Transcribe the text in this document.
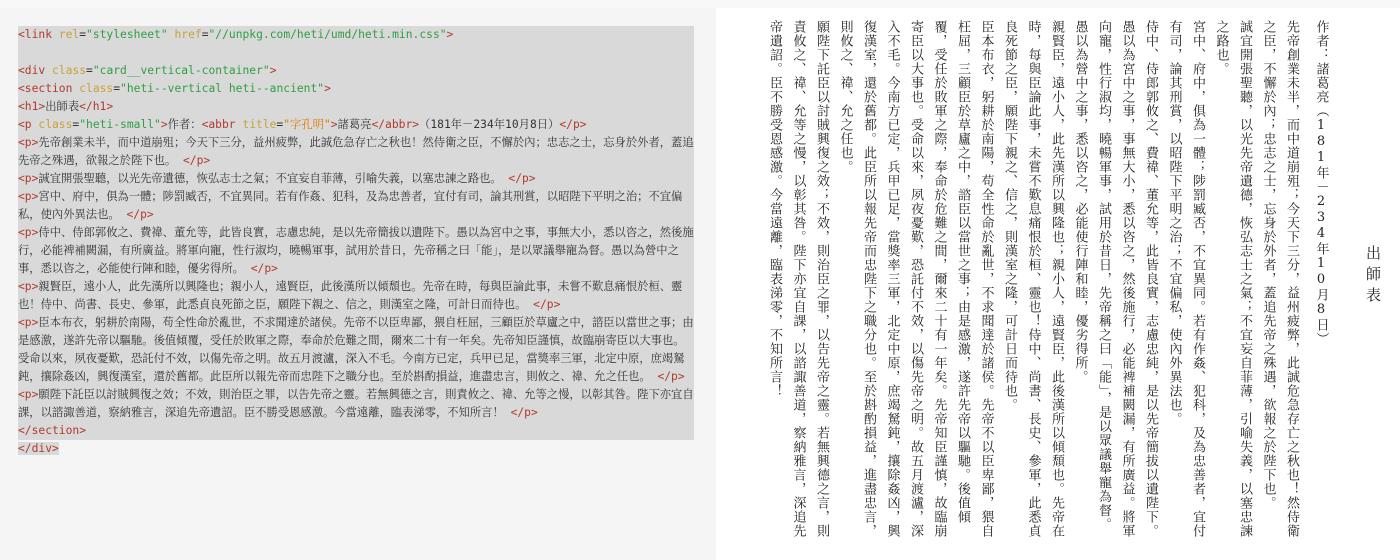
<link rel="stylesheet" href="//unpkg.com/heti/umd/heti.min.css">
<div class="card__vertical-container">
<section class="heti--vertical heti--ancient">
<h1>出師表</h1>
<p class="heti-small">作者：<abbr title="字孔明">諸葛亮</abbr>（181年－234年10月8日）</p>
<p>先帝創業未半，而中道崩殂；今天下三分，益州疲弊，此誠危急存亡之秋也！然侍衛之臣，不懈於內；忠志之士，忘身於外者，蓋追先帝之殊遇，欲報之於陛下也。 </p>
<p>誠宜開張聖聽，以光先帝遺德，恢弘志士之氣；不宜妄自菲薄，引喻失義，以塞忠諫之路也。 </p>
<p>宮中、府中，俱為一體；陟罰臧否，不宜異同。若有作姦、犯科，及為忠善者，宜付有司，論其刑賞，以昭陛下平明之治；不宜偏私，使內外異法也。 </p>
<p>侍中、侍郎郭攸之、費禕、董允等，此皆良實，志慮忠純，是以先帝簡拔以遺陛下。愚以為宮中之事，事無大小，悉以咨之，然後施行，必能裨補闕漏，有所廣益。將軍向寵，性行淑均，曉暢軍事，試用於昔日，先帝稱之曰「能」，是以眾議舉寵為督。愚以為營中之事，悉以咨之，必能使行陣和睦，優劣得所。 </p>
<p>親賢臣，遠小人，此先漢所以興隆也；親小人，遠賢臣，此後漢所以傾頹也。先帝在時，每與臣論此事，未嘗不歎息痛恨於桓、靈也！侍中、尚書、長史、參軍，此悉貞良死節之臣，願陛下親之、信之，則漢室之隆，可計日而待也。 </p>
<p>臣本布衣，躬耕於南陽，苟全性命於亂世，不求聞達於諸侯。先帝不以臣卑鄙，猥自枉屈，三顧臣於草廬之中，諮臣以當世之事；由是感激，遂許先帝以驅馳。後值傾覆，受任於敗軍之際，奉命於危難之間，爾來二十有一年矣。先帝知臣謹慎，故臨崩寄臣以大事也。受命以來，夙夜憂歎，恐託付不效，以傷先帝之明。故五月渡瀘，深入不毛。今南方已定，兵甲已足，當獎率三軍，北定中原，庶竭駑鈍，攘除姦凶，興復漢室，還於舊都。此臣所以報先帝而忠陛下之職分也。至於斟酌損益，進盡忠言，則攸之、禕、允之任也。 </p>
<p>願陛下託臣以討賊興復之效；不效，則治臣之罪，以告先帝之靈。若無興德之言，則責攸之、禕、允等之慢，以彰其咎。陛下亦宜自課，以諮諏善道，察納雅言，深追先帝遺詔。臣不勝受恩感激。今當遠離，臨表涕零，不知所言！ </p>
</section>
</div>
出師表

作者：諸葛亮（181年－234年10月8日）

先帝創業未半，而中道崩殂；今天下三分，益州疲弊，此誠危急存亡之秋也！然侍衛之臣，不懈於內；忠志之士，忘身於外者，蓋追先帝之殊遇，欲報之於陛下也。

誠宜開張聖聽，以光先帝遺德，恢弘志士之氣；不宜妄自菲薄，引喻失義，以塞忠諫之路也。

宮中、府中，俱為一體；陟罰臧否，不宜異同。若有作姦、犯科，及為忠善者，宜付有司，論其刑賞，以昭陛下平明之治；不宜偏私，使內外異法也。

侍中、侍郎郭攸之、費禕、董允等，此皆良實，志慮忠純，是以先帝簡拔以遺陛下。愚以為宮中之事，事無大小，悉以咨之，然後施行，必能裨補闕漏，有所廣益。將軍向寵，性行淑均，曉暢軍事，試用於昔日，先帝稱之曰「能」，是以眾議舉寵為督。愚以為營中之事，悉以咨之，必能使行陣和睦，優劣得所。

親賢臣，遠小人，此先漢所以興隆也；親小人，遠賢臣，此後漢所以傾頹也。先帝在時，每與臣論此事，未嘗不歎息痛恨於桓、靈也！侍中、尚書、長史、參軍，此悉貞良死節之臣，願陛下親之、信之，則漢室之隆，可計日而待也。

臣本布衣，躬耕於南陽，苟全性命於亂世，不求聞達於諸侯。先帝不以臣卑鄙，猥自枉屈，三顧臣於草廬之中，諮臣以當世之事；由是感激，遂許先帝以驅馳。後值傾覆，受任於敗軍之際，奉命於危難之間，爾來二十有一年矣。先帝知臣謹慎，故臨崩寄臣以大事也。受命以來，夙夜憂歎，恐託付不效，以傷先帝之明。故五月渡瀘，深入不毛。今南方已定，兵甲已足，當獎率三軍，北定中原，庶竭駑鈍，攘除姦凶，興復漢室，還於舊都。此臣所以報先帝而忠陛下之職分也。至於斟酌損益，進盡忠言，則攸之、禕、允之任也。

願陛下託臣以討賊興復之效；不效，則治臣之罪，以告先帝之靈。若無興德之言，則責攸之、禕、允等之慢，以彰其咎。陛下亦宜自課，以諮諏善道，察納雅言，深追先帝遺詔。臣不勝受恩感激。今當遠離，臨表涕零，不知所言！
